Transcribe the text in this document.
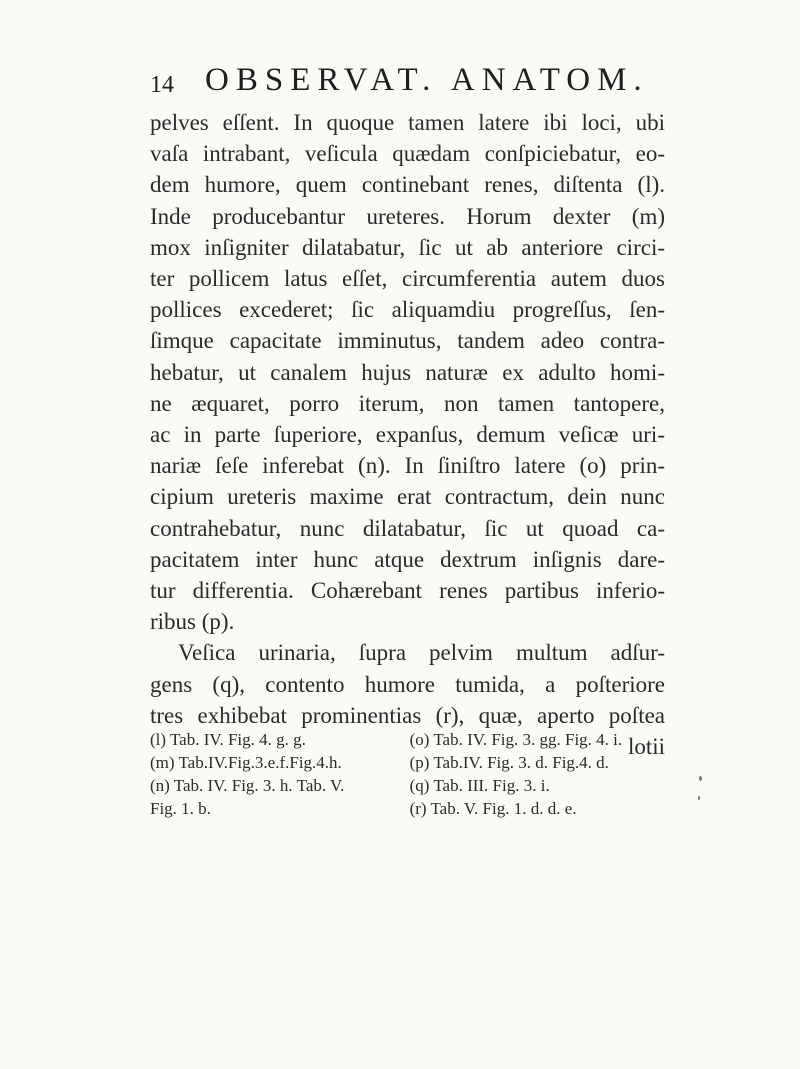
14 OBSERVAT. ANATOM.
pelves eſſent. In quoque tamen latere ibi loci, ubi
vaſa intrabant, veſicula quædam conſpiciebatur, eo-
dem humore, quem continebant renes, diſtenta (l).
Inde producebantur ureteres. Horum dexter (m)
mox inſigniter dilatabatur, ſic ut ab anteriore circi-
ter pollicem latus eſſet, circumferentia autem duos
pollices excederet; ſic aliquamdiu progreſſus, ſen-
ſimque capacitate imminutus, tandem adeo contra-
hebatur, ut canalem hujus naturæ ex adulto homi-
ne æquaret, porro iterum, non tamen tantopere,
ac in parte ſuperiore, expanſus, demum veſicæ uri-
nariæ ſeſe inferebat (n). In ſiniſtro latere (o) prin-
cipium ureteris maxime erat contractum, dein nunc
contrahebatur, nunc dilatabatur, ſic ut quoad ca-
pacitatem inter hunc atque dextrum inſignis dare-
tur differentia. Cohærebant renes partibus inferio-
ribus (p).
Veſica urinaria, ſupra pelvim multum adſur-
gens (q), contento humore tumida, a poſteriore
tres exhibebat prominentias (r), quæ, aperto poſtea
lotii
(l) Tab. IV. Fig. 4. g. g.
(m) Tab.IV.Fig.3.e.f.Fig.4.h.
(n) Tab. IV. Fig. 3. h. Tab. V.
Fig. 1. b.
(o) Tab. IV. Fig. 3. gg. Fig. 4. i.
(p) Tab.IV. Fig. 3. d. Fig.4. d.
(q) Tab. III. Fig. 3. i.
(r) Tab. V. Fig. 1. d. d. e.
